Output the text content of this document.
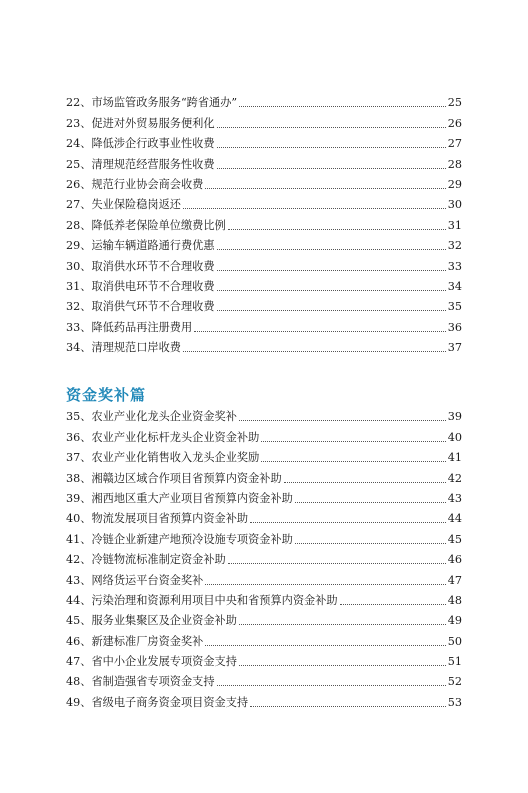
22、 市场监管政务服务“跨省通办”	25
23、 促进对外贸易服务便利化	26
24、 降低涉企行政事业性收费	27
25、 清理规范经营服务性收费	28
26、 规范行业协会商会收费	29
27、 失业保险稳岗返还	30
28、 降低养老保险单位缴费比例	31
29、 运输车辆道路通行费优惠	32
30、 取消供水环节不合理收费	33
31、 取消供电环节不合理收费	34
32、 取消供气环节不合理收费	35
33、 降低药品再注册费用	36
34、 清理规范口岸收费	37
资金奖补篇
35、 农业产业化龙头企业资金奖补	39
36、 农业产业化标杆龙头企业资金补助	40
37、 农业产业化销售收入龙头企业奖励	41
38、 湘赣边区域合作项目省预算内资金补助	42
39、 湘西地区重大产业项目省预算内资金补助	43
40、 物流发展项目省预算内资金补助	44
41、 冷链企业新建产地预冷设施专项资金补助	45
42、 冷链物流标准制定资金补助	46
43、 网络货运平台资金奖补	47
44、 污染治理和资源利用项目中央和省预算内资金补助	48
45、 服务业集聚区及企业资金补助	49
46、 新建标准厂房资金奖补	50
47、 省中小企业发展专项资金支持	51
48、 省制造强省专项资金支持	52
49、 省级电子商务资金项目资金支持	53
